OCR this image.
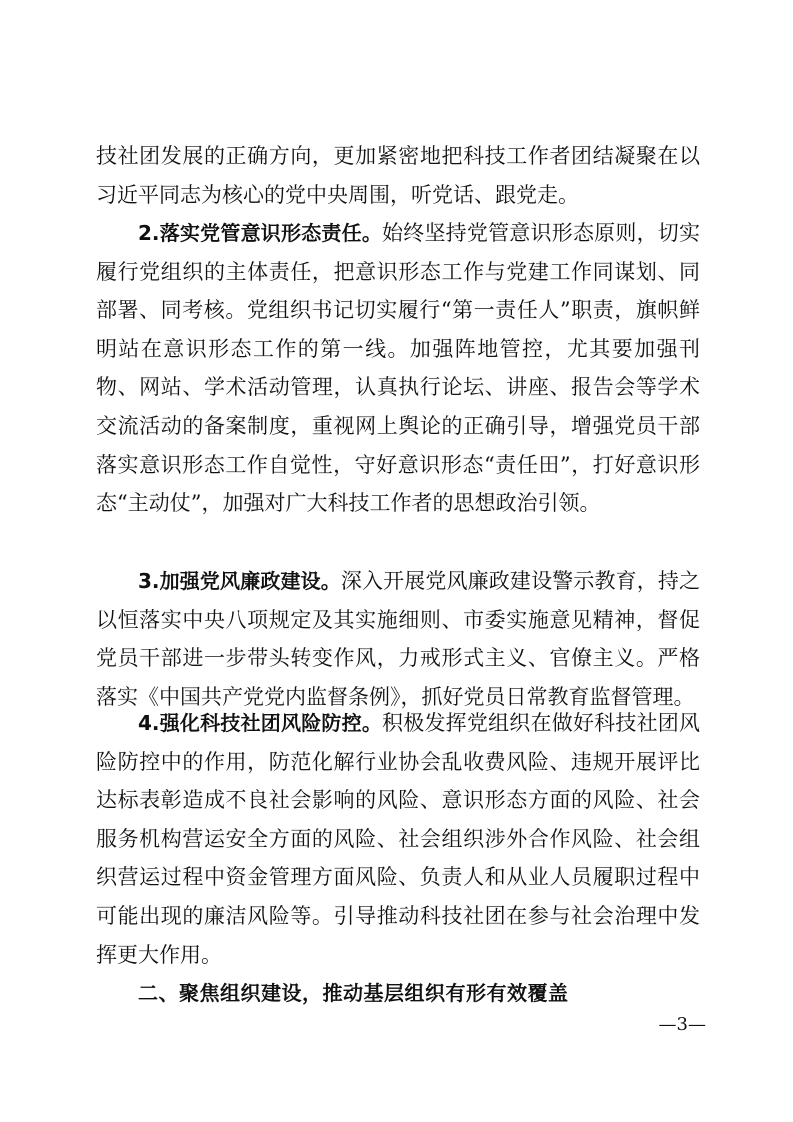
技社团发展的正确方向，更加紧密地把科技工作者团结凝聚在以习近平同志为核心的党中央周围，听党话、跟党走。

2.落实党管意识形态责任。始终坚持党管意识形态原则，切实履行党组织的主体责任，把意识形态工作与党建工作同谋划、同部署、同考核。党组织书记切实履行“第一责任人”职责，旗帜鲜明站在意识形态工作的第一线。加强阵地管控，尤其要加强刊物、网站、学术活动管理，认真执行论坛、讲座、报告会等学术交流活动的备案制度，重视网上舆论的正确引导，增强党员干部落实意识形态工作自觉性，守好意识形态“责任田”，打好意识形态“主动仗”，加强对广大科技工作者的思想政治引领。

3.加强党风廉政建设。深入开展党风廉政建设警示教育，持之以恒落实中央八项规定及其实施细则、市委实施意见精神，督促党员干部进一步带头转变作风，力戒形式主义、官僚主义。严格落实《中国共产党党内监督条例》，抓好党员日常教育监督管理。

4.强化科技社团风险防控。积极发挥党组织在做好科技社团风险防控中的作用，防范化解行业协会乱收费风险、违规开展评比达标表彰造成不良社会影响的风险、意识形态方面的风险、社会服务机构营运安全方面的风险、社会组织涉外合作风险、社会组织营运过程中资金管理方面风险、负责人和从业人员履职过程中可能出现的廉洁风险等。引导推动科技社团在参与社会治理中发挥更大作用。

二、聚焦组织建设，推动基层组织有形有效覆盖
—3—
